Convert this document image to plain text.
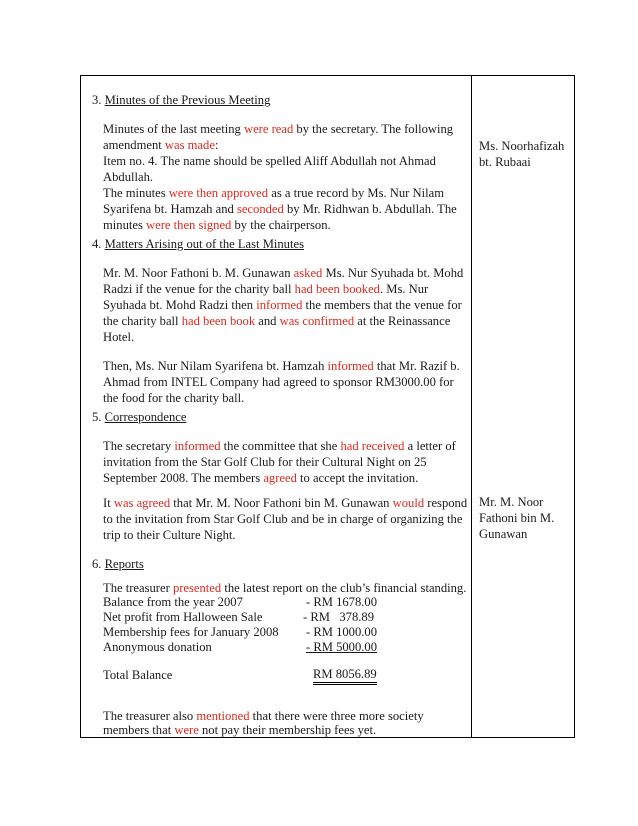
3. Minutes of the Previous Meeting
Minutes of the last meeting were read by the secretary. The following
amendment was made:
Item no. 4. The name should be spelled Aliff Abdullah not Ahmad
Abdullah.
The minutes were then approved as a true record by Ms. Nur Nilam
Syarifena bt. Hamzah and seconded by Mr. Ridhwan b. Abdullah. The
minutes were then signed by the chairperson.
4. Matters Arising out of the Last Minutes
Mr. M. Noor Fathoni b. M. Gunawan asked Ms. Nur Syuhada bt. Mohd
Radzi if the venue for the charity ball had been booked. Ms. Nur
Syuhada bt. Mohd Radzi then informed the members that the venue for
the charity ball had been book and was confirmed at the Reinassance
Hotel.
Then, Ms. Nur Nilam Syarifena bt. Hamzah informed that Mr. Razif b.
Ahmad from INTEL Company had agreed to sponsor RM3000.00 for
the food for the charity ball.
5. Correspondence
The secretary informed the committee that she had received a letter of
invitation from the Star Golf Club for their Cultural Night on 25
September 2008. The members agreed to accept the invitation.
It was agreed that Mr. M. Noor Fathoni bin M. Gunawan would respond
to the invitation from Star Golf Club and be in charge of organizing the
trip to their Culture Night.
6. Reports
The treasurer presented the latest report on the club’s financial standing.
Balance from the year 2007	- RM 1678.00
Net profit from Halloween Sale	- RM   378.89
Membership fees for January 2008 - RM 1000.00
Anonymous donation	- RM 5000.00
Total Balance	RM 8056.89
The treasurer also mentioned that there were three more society
members that were not pay their membership fees yet.
Ms. Noorhafizah
bt. Rubaai
Mr. M. Noor
Fathoni bin M.
Gunawan
